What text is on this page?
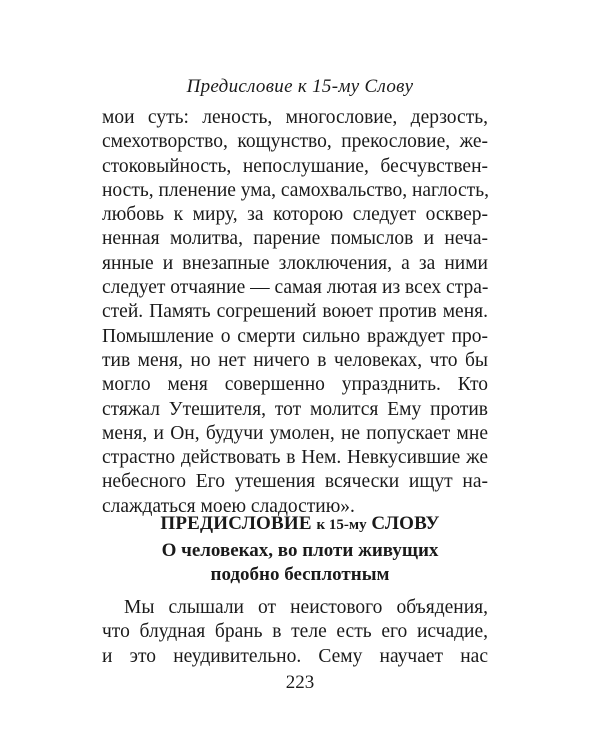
Предисловие к 15-му Слову
мои суть: леность, многословие, дерзость,
смехотворство, кощунство, прекословие, же-
стоковыйность, непослушание, бесчувствен-
ность, пленение ума, самохвальство, наглость,
любовь к миру, за которою следует осквер-
ненная молитва, парение помыслов и неча-
янные и внезапные злоключения, а за ними
следует отчаяние — самая лютая из всех стра-
стей. Память согрешений воюет против меня.
Помышление о смерти сильно враждует про-
тив меня, но нет ничего в человеках, что бы
могло меня совершенно упразднить. Кто
стяжал Утешителя, тот молится Ему против
меня, и Он, будучи умолен, не попускает мне
страстно действовать в Нем. Невкусившие же
небесного Его утешения всячески ищут на-
слаждаться моею сладостию».
ПРЕДИСЛОВИЕ к 15-му СЛОВУ
О человеках, во плоти живущих
подобно бесплотным
Мы слышали от неистового объядения,
что блудная брань в теле есть его исчадие,
и это неудивительно. Сему научает нас
223
